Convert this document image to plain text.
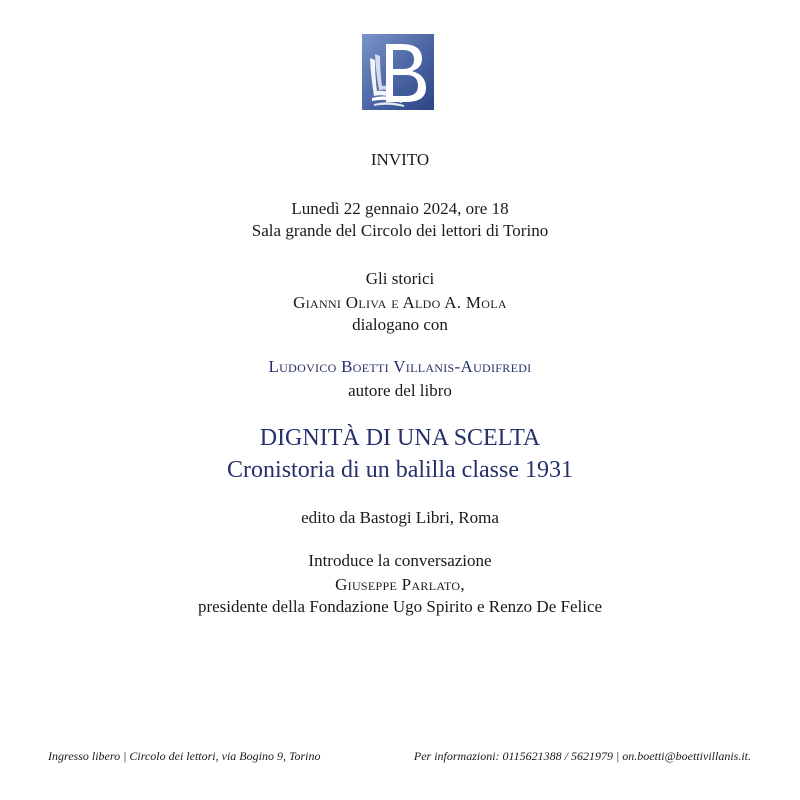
INVITO
Lunedì 22 gennaio 2024, ore 18
Sala grande del Circolo dei lettori di Torino
Gli storici
Gianni Oliva e Aldo A. Mola
dialogano con
Ludovico Boetti Villanis-Audifredi
autore del libro
DIGNITÀ DI UNA SCELTA
Cronistoria di un balilla classe 1931
edito da Bastogi Libri, Roma
Introduce la conversazione
Giuseppe Parlato,
presidente della Fondazione Ugo Spirito e Renzo De Felice
Ingresso libero | Circolo dei lettori, via Bogino 9, Torino	Per informazioni: 0115621388 / 5621979 | on.boetti@boettivillanis.it.
